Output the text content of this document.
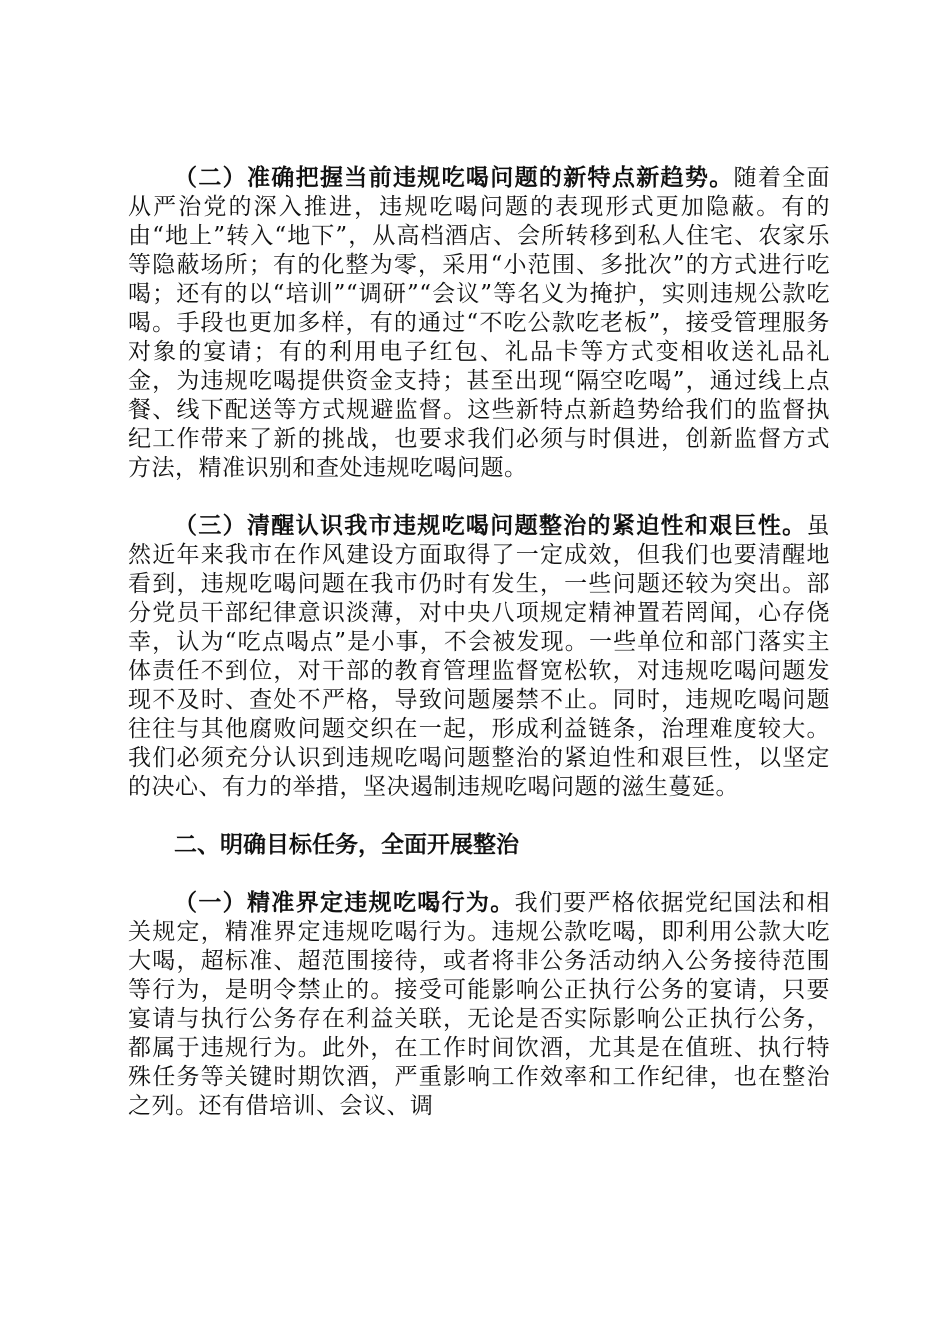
（二）准确把握当前违规吃喝问题的新特点新趋势。随着全面从严治党的深入推进，违规吃喝问题的表现形式更加隐蔽。有的由“地上”转入“地下”，从高档酒店、会所转移到私人住宅、农家乐等隐蔽场所；有的化整为零，采用“小范围、多批次”的方式进行吃喝；还有的以“培训”“调研”“会议”等名义为掩护，实则违规公款吃喝。手段也更加多样，有的通过“不吃公款吃老板”，接受管理服务对象的宴请；有的利用电子红包、礼品卡等方式变相收送礼品礼金，为违规吃喝提供资金支持；甚至出现“隔空吃喝”，通过线上点餐、线下配送等方式规避监督。这些新特点新趋势给我们的监督执纪工作带来了新的挑战，也要求我们必须与时俱进，创新监督方式方法，精准识别和查处违规吃喝问题。

（三）清醒认识我市违规吃喝问题整治的紧迫性和艰巨性。虽然近年来我市在作风建设方面取得了一定成效，但我们也要清醒地看到，违规吃喝问题在我市仍时有发生，一些问题还较为突出。部分党员干部纪律意识淡薄，对中央八项规定精神置若罔闻，心存侥幸，认为“吃点喝点”是小事，不会被发现。一些单位和部门落实主体责任不到位，对干部的教育管理监督宽松软，对违规吃喝问题发现不及时、查处不严格，导致问题屡禁不止。同时，违规吃喝问题往往与其他腐败问题交织在一起，形成利益链条，治理难度较大。我们必须充分认识到违规吃喝问题整治的紧迫性和艰巨性，以坚定的决心、有力的举措，坚决遏制违规吃喝问题的滋生蔓延。

二、明确目标任务，全面开展整治

（一）精准界定违规吃喝行为。我们要严格依据党纪国法和相关规定，精准界定违规吃喝行为。违规公款吃喝，即利用公款大吃大喝，超标准、超范围接待，或者将非公务活动纳入公务接待范围等行为，是明令禁止的。接受可能影响公正执行公务的宴请，只要宴请与执行公务存在利益关联，无论是否实际影响公正执行公务，都属于违规行为。此外，在工作时间饮酒，尤其是在值班、执行特殊任务等关键时期饮酒，严重影响工作效率和工作纪律，也在整治之列。还有借培训、会议、调
